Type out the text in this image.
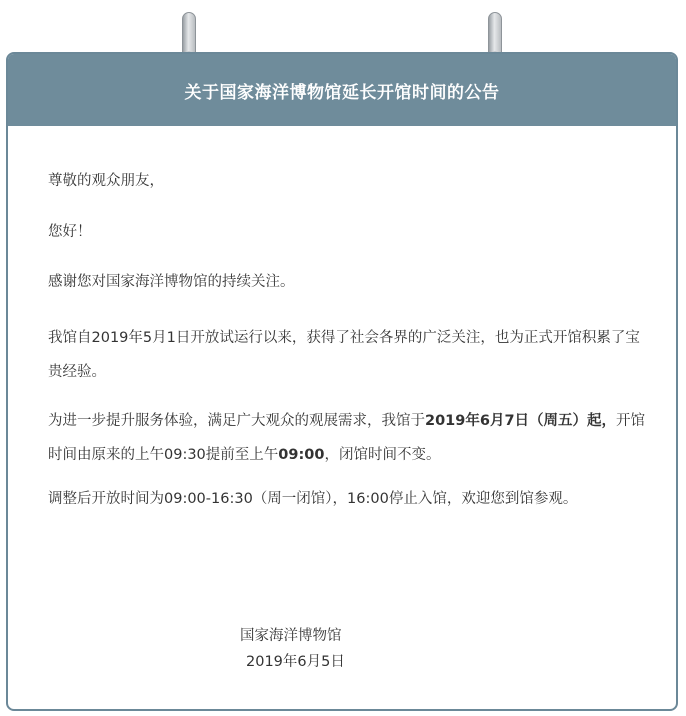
关于国家海洋博物馆延长开馆时间的公告

尊敬的观众朋友，

您好！

感谢您对国家海洋博物馆的持续关注。

我馆自2019年5月1日开放试运行以来，获得了社会各界的广泛关注，也为正式开馆积累了宝贵经验。

为进一步提升服务体验，满足广大观众的观展需求，我馆于2019年6月7日（周五）起，开馆时间由原来的上午09:30提前至上午09:00，闭馆时间不变。

调整后开放时间为09:00-16:30（周一闭馆），16:00停止入馆，欢迎您到馆参观。

国家海洋博物馆
2019年6月5日
